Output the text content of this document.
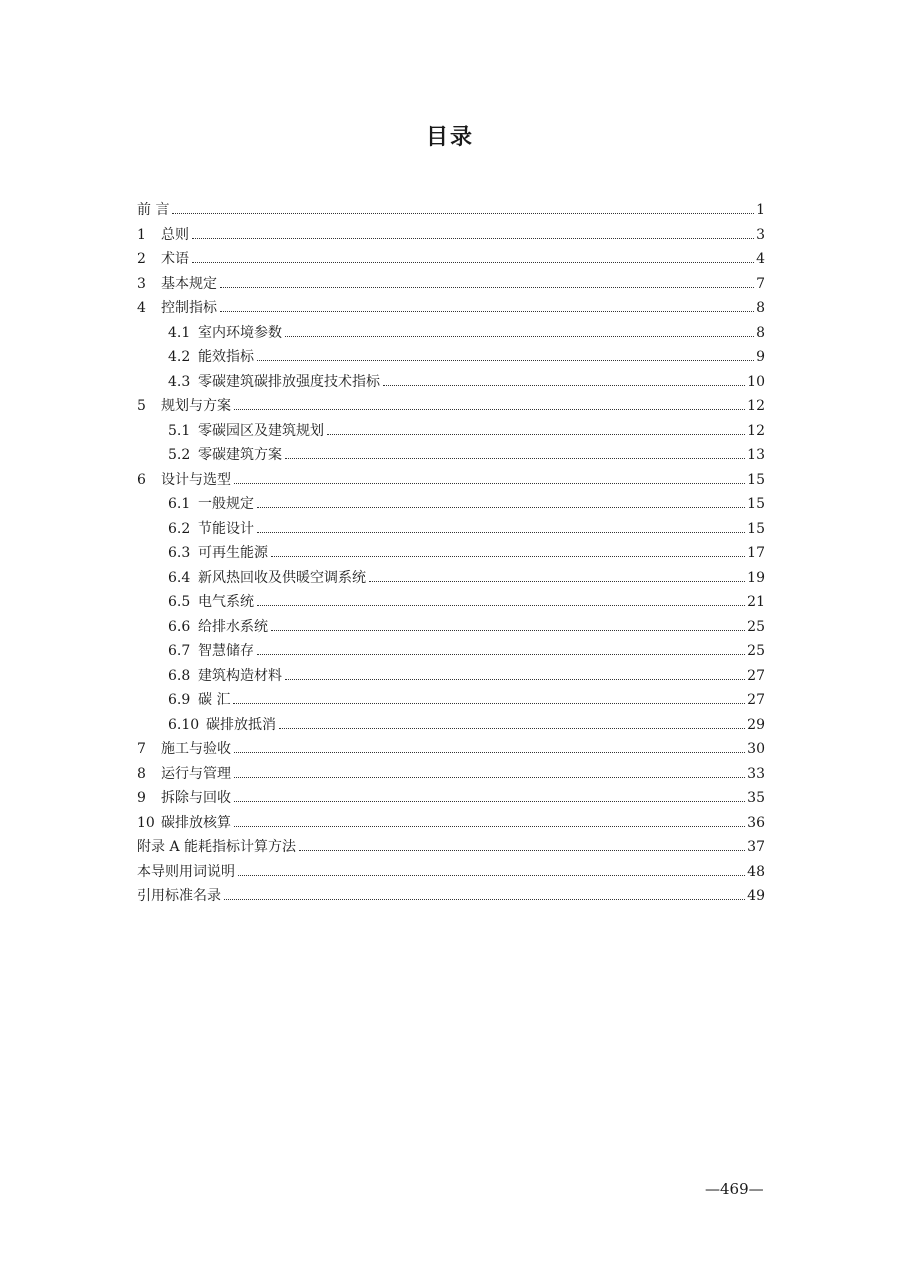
目录
前 言	1
1	总则	3
2	术语	4
3	基本规定	7
4	控制指标	8
4.1 室内环境参数	8
4.2 能效指标	9
4.3 零碳建筑碳排放强度技术指标	10
5	规划与方案	12
5.1 零碳园区及建筑规划	12
5.2 零碳建筑方案	13
6	设计与选型	15
6.1 一般规定	15
6.2 节能设计	15
6.3 可再生能源	17
6.4 新风热回收及供暖空调系统	19
6.5 电气系统	21
6.6 给排水系统	25
6.7 智慧储存	25
6.8 建筑构造材料	27
6.9 碳 汇	27
6.10 碳排放抵消	29
7	施工与验收	30
8	运行与管理	33
9	拆除与回收	35
10 碳排放核算	36
附录 A 能耗指标计算方法	37
本导则用词说明	48
引用标准名录	49
—469—
